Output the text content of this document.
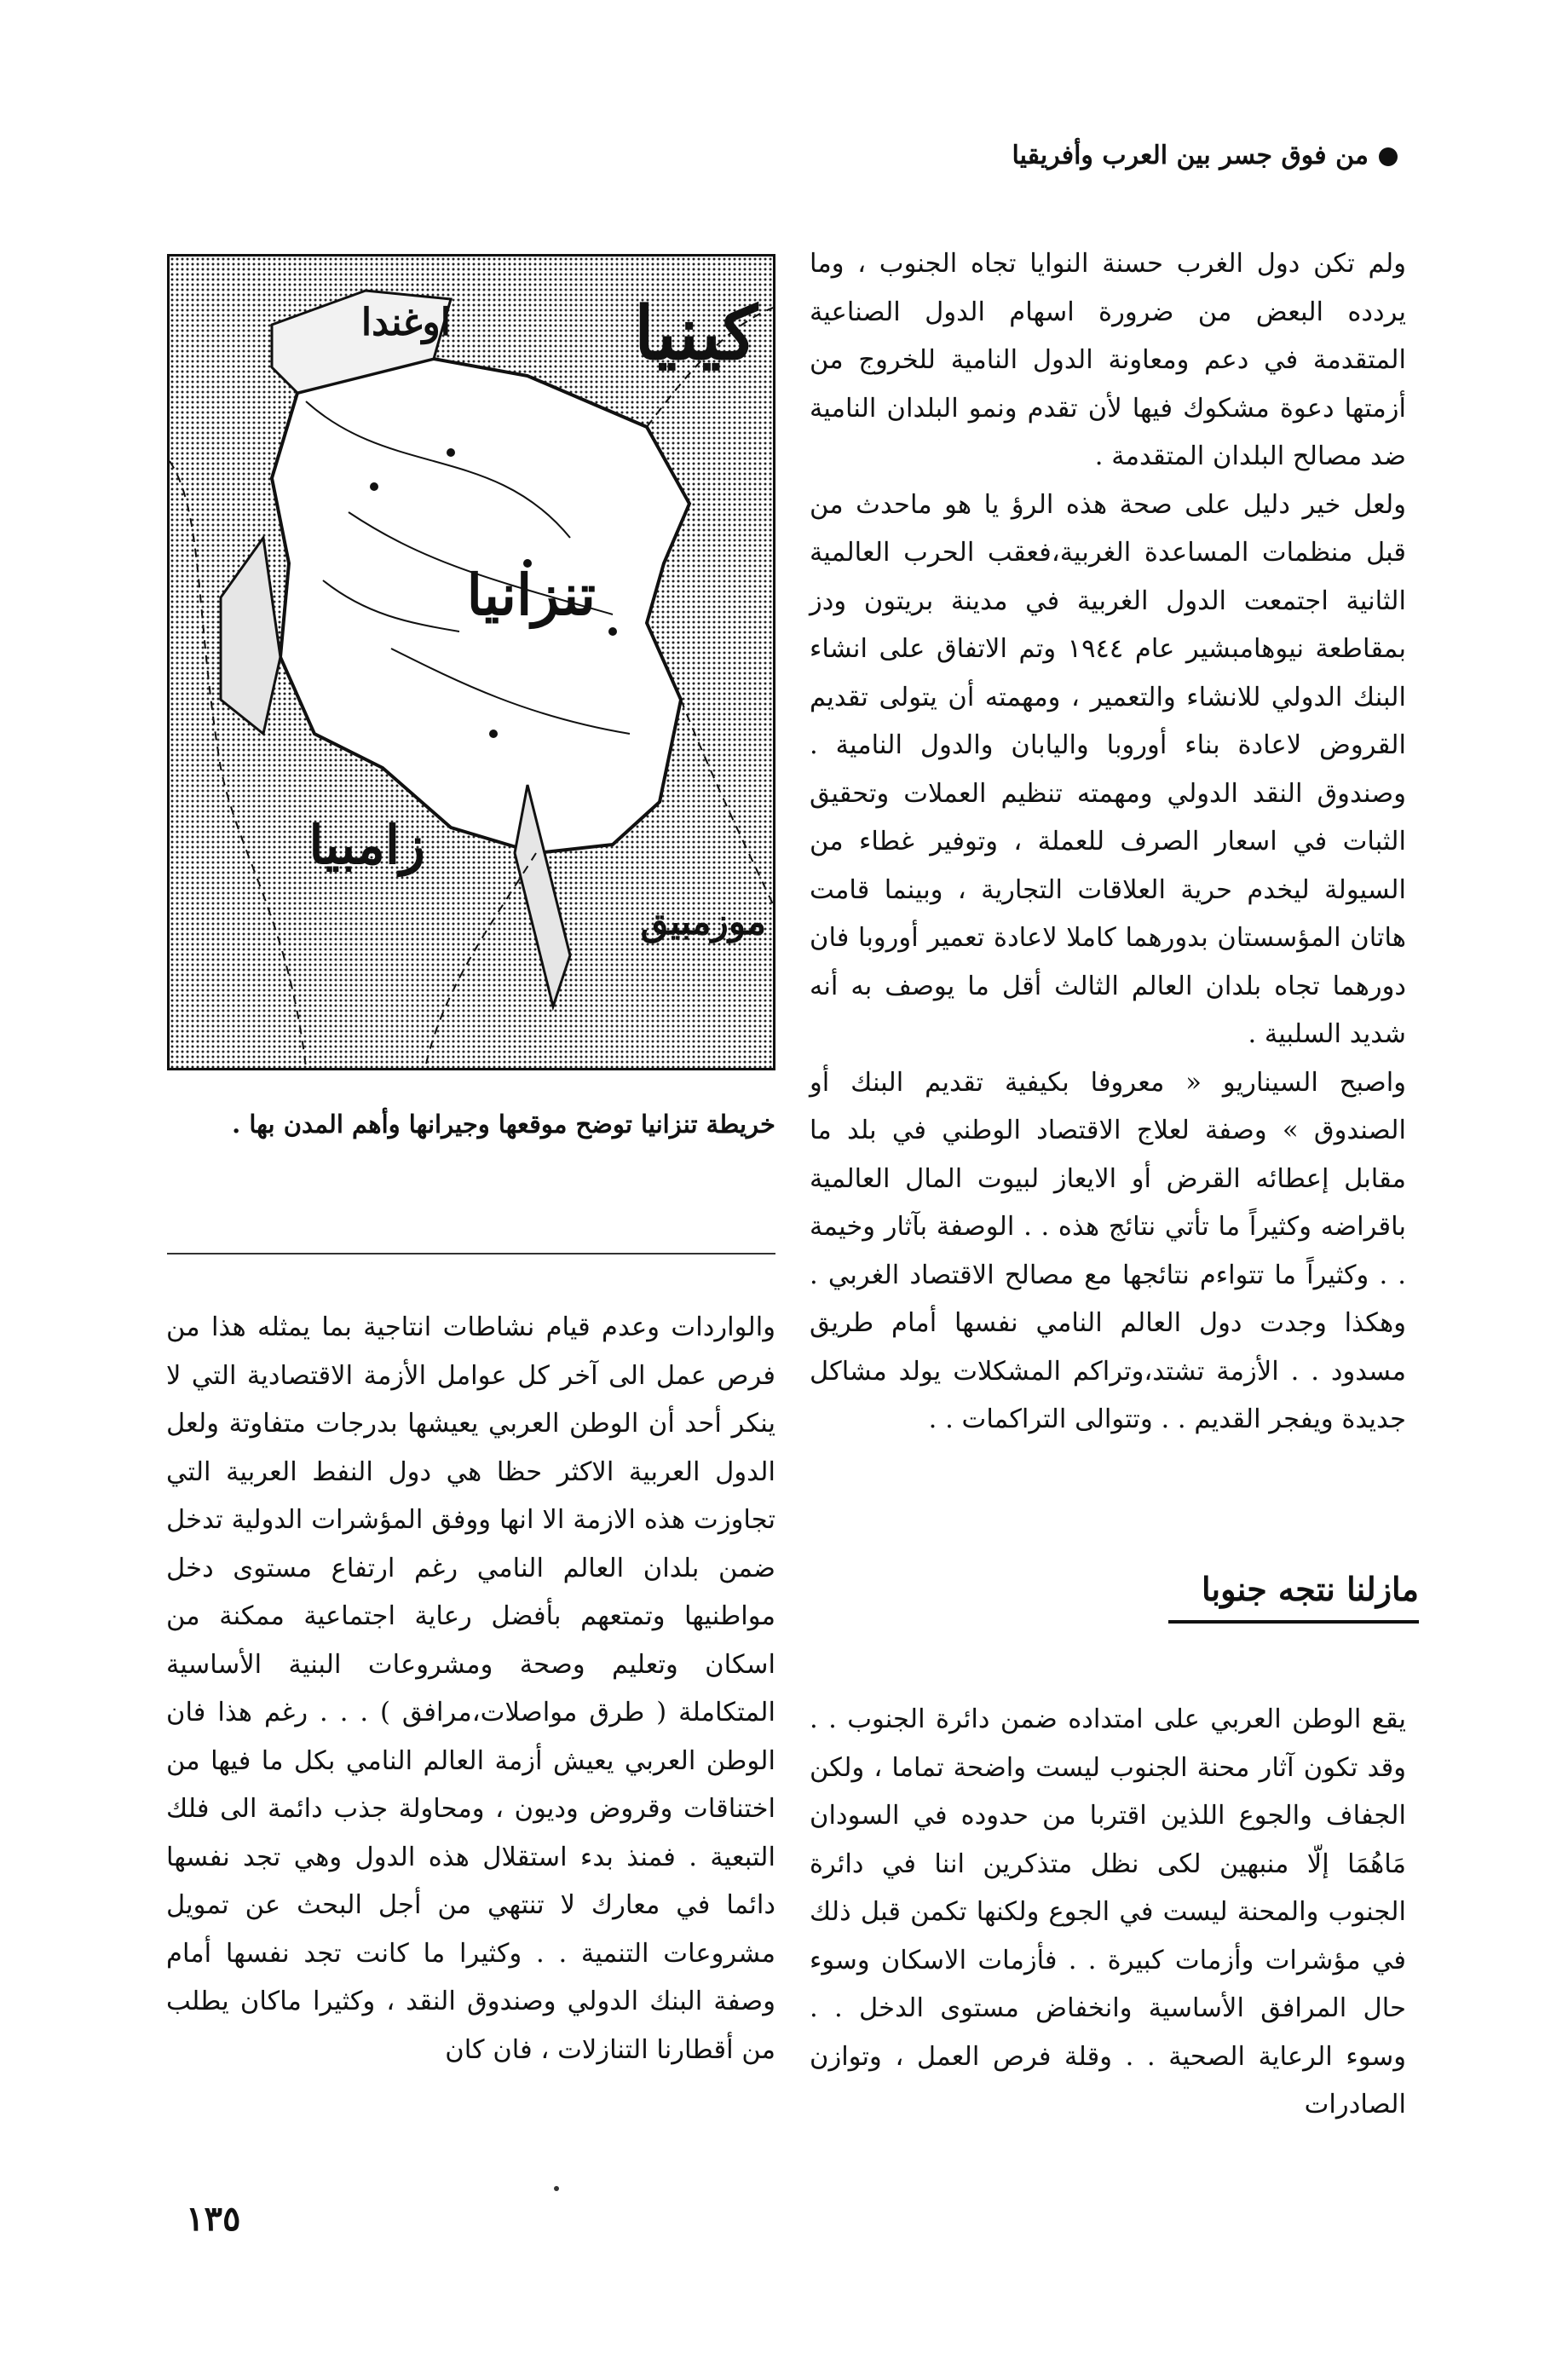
من فوق جسر بين العرب وأفريقيا
كينيا
اوغندا
تنزانيا
زامبيا
موزمبيق
خريطة تنزانيا توضح موقعها وجيرانها وأهم المدن بها .

ولم تكن دول الغرب حسنة النوايا تجاه الجنوب ، وما يردده البعض من ضرورة اسهام الدول الصناعية المتقدمة في دعم ومعاونة الدول النامية للخروج من أزمتها دعوة مشكوك فيها لأن تقدم ونمو البلدان النامية ضد مصالح البلدان المتقدمة .

ولعل خير دليل على صحة هذه الرؤ يا هو ماحدث من قبل منظمات المساعدة الغربية،فعقب الحرب العالمية الثانية اجتمعت الدول الغربية في مدينة بريتون ودز بمقاطعة نيوهامبشير عام ١٩٤٤ وتم الاتفاق على انشاء البنك الدولي للانشاء والتعمير ، ومهمته أن يتولى تقديم القروض لاعادة بناء أوروبا واليابان والدول النامية . وصندوق النقد الدولي ومهمته تنظيم العملات وتحقيق الثبات في اسعار الصرف للعملة ، وتوفير غطاء من السيولة ليخدم حرية العلاقات التجارية ، وبينما قامت هاتان المؤسستان بدورهما كاملا لاعادة تعمير أوروبا فان دورهما تجاه بلدان العالم الثالث أقل ما يوصف به أنه شديد السلبية .

واصبح السيناريو « معروفا بكيفية تقديم البنك أو الصندوق » وصفة لعلاج الاقتصاد الوطني في بلد ما مقابل إعطائه القرض أو الايعاز لبيوت المال العالمية باقراضه وكثيراً ما تأتي نتائج هذه . . الوصفة بآثار وخيمة . . وكثيراً ما تتواءم نتائجها مع مصالح الاقتصاد الغربي . وهكذا وجدت دول العالم النامي نفسها أمام طريق مسدود . . الأزمة تشتد،وتراكم المشكلات يولد مشاكل جديدة ويفجر القديم . . وتتوالى التراكمات . .

مازلنا نتجه جنوبا

يقع الوطن العربي على امتداده ضمن دائرة الجنوب . . وقد تكون آثار محنة الجنوب ليست واضحة تماما ، ولكن الجفاف والجوع اللذين اقتربا من حدوده في السودان مَاهُمَا إلّا منبهين لكى نظل متذكرين اننا في دائرة الجنوب والمحنة ليست في الجوع ولكنها تكمن قبل ذلك في مؤشرات وأزمات كبيرة . . فأزمات الاسكان وسوء حال المرافق الأساسية وانخفاض مستوى الدخل . . وسوء الرعاية الصحية . . وقلة فرص العمل ، وتوازن الصادرات

والواردات وعدم قيام نشاطات انتاجية بما يمثله هذا من فرص عمل الى آخر كل عوامل الأزمة الاقتصادية التي لا ينكر أحد أن الوطن العربي يعيشها بدرجات متفاوتة ولعل الدول العربية الاكثر حظا هي دول النفط العربية التي تجاوزت هذه الازمة الا انها ووفق المؤشرات الدولية تدخل ضمن بلدان العالم النامي رغم ارتفاع مستوى دخل مواطنيها وتمتعهم بأفضل رعاية اجتماعية ممكنة من اسكان وتعليم وصحة ومشروعات البنية الأساسية المتكاملة ( طرق مواصلات،مرافق ) . . . رغم هذا فان الوطن العربي يعيش أزمة العالم النامي بكل ما فيها من اختناقات وقروض وديون ، ومحاولة جذب دائمة الى فلك التبعية . فمنذ بدء استقلال هذه الدول وهي تجد نفسها دائما في معارك لا تنتهي من أجل البحث عن تمويل مشروعات التنمية . . وكثيرا ما كانت تجد نفسها أمام وصفة البنك الدولي وصندوق النقد ، وكثيرا ماكان يطلب من أقطارنا التنازلات ، فان كان

١٣٥
